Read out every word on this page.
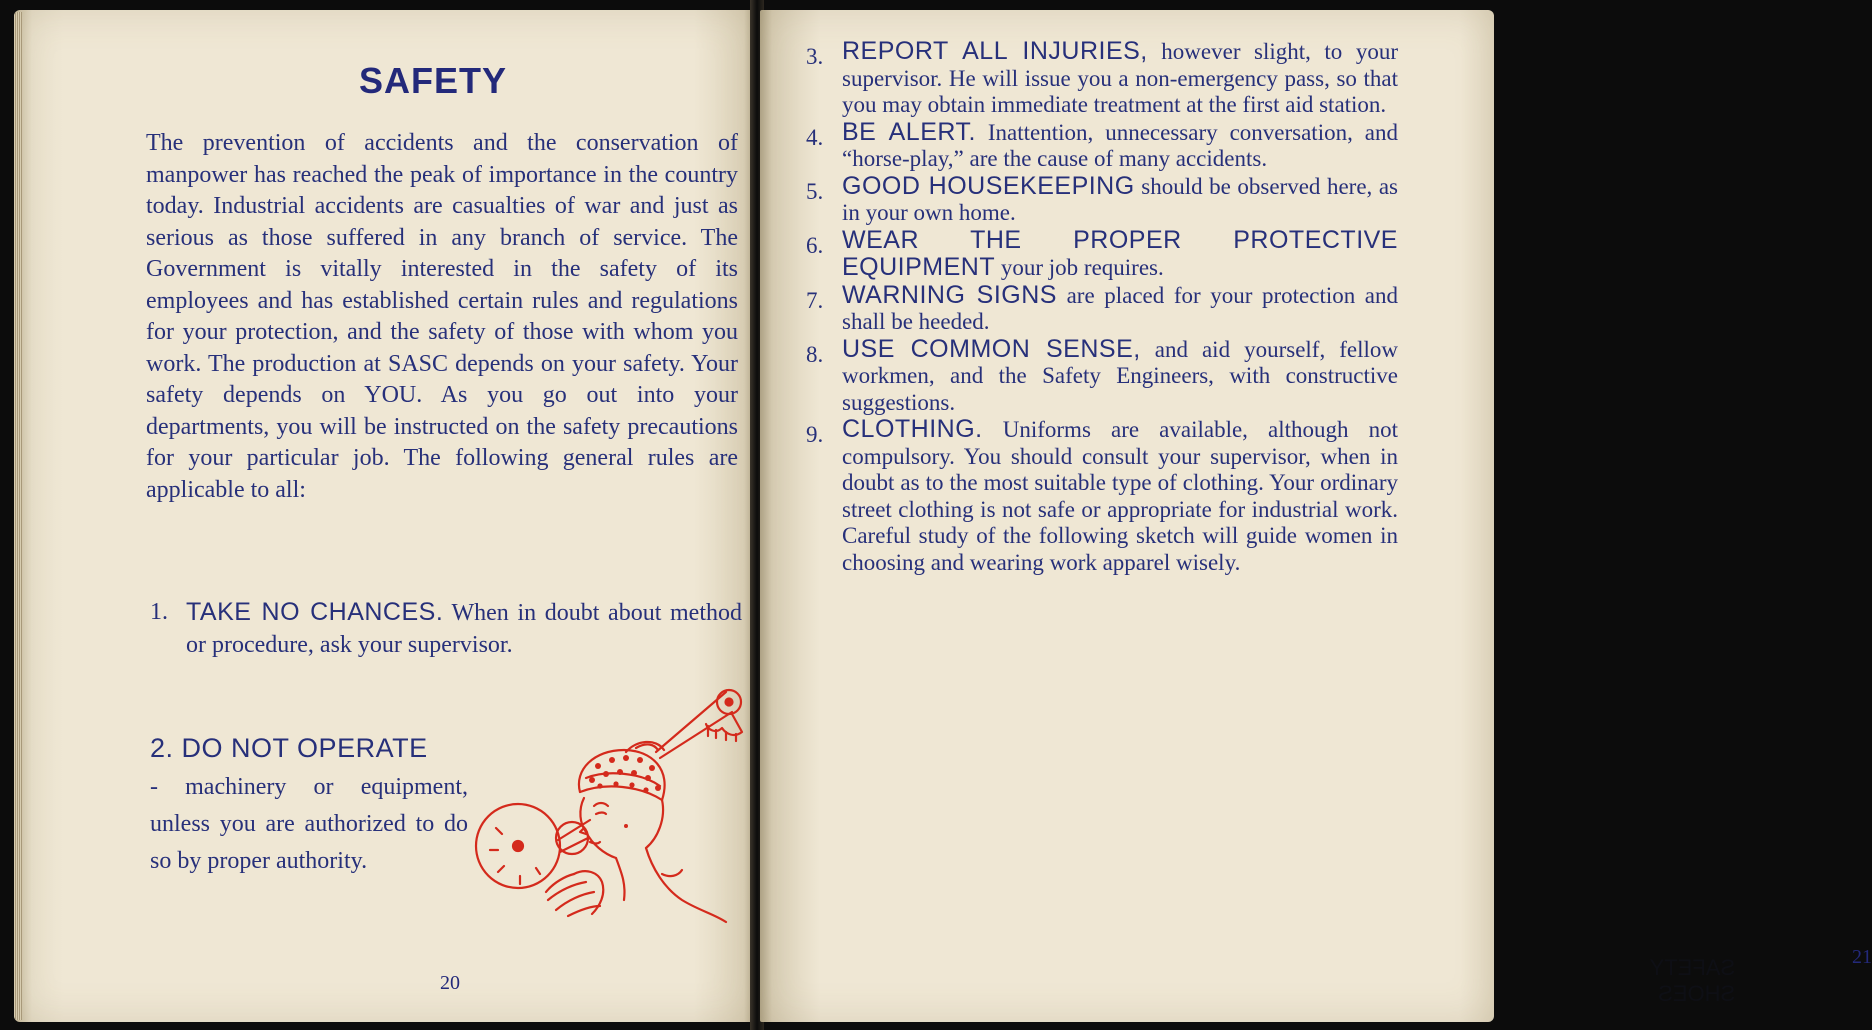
SAFETY
The prevention of accidents and the conservation of manpower has reached the peak of importance in the country today. Industrial accidents are casualties of war and just as serious as those suffered in any branch of service. The Government is vitally interested in the safety of its employees and has established certain rules and regulations for your protection, and the safety of those with whom you work. The production at SASC depends on your safety. Your safety depends on YOU. As you go out into your departments, you will be instructed on the safety precautions for your particular job. The following general rules are applicable to all:
1. TAKE NO CHANCES. When in doubt about method or procedure, ask your supervisor.
2. DO NOT OPERATE
- machinery or equipment, unless you are authorized to do so by proper authority.
20
SAFETY SHOES
21
3. REPORT ALL INJURIES, however slight, to your supervisor. He will issue you a non-emergency pass, so that you may obtain immediate treatment at the first aid station.
4. BE ALERT. Inattention, unnecessary conversation, and “horse-play,” are the cause of many accidents.
5. GOOD HOUSEKEEPING should be observed here, as in your own home.
6. WEAR THE PROPER PROTECTIVE EQUIPMENT your job requires.
7. WARNING SIGNS are placed for your protection and shall be heeded.
8. USE COMMON SENSE, and aid yourself, fellow workmen, and the Safety Engineers, with constructive suggestions.
9. CLOTHING. Uniforms are available, although not compulsory. You should consult your supervisor, when in doubt as to the most suitable type of clothing. Your ordinary street clothing is not safe or appropriate for industrial work. Careful study of the following sketch will guide women in choosing and wearing work apparel wisely.
